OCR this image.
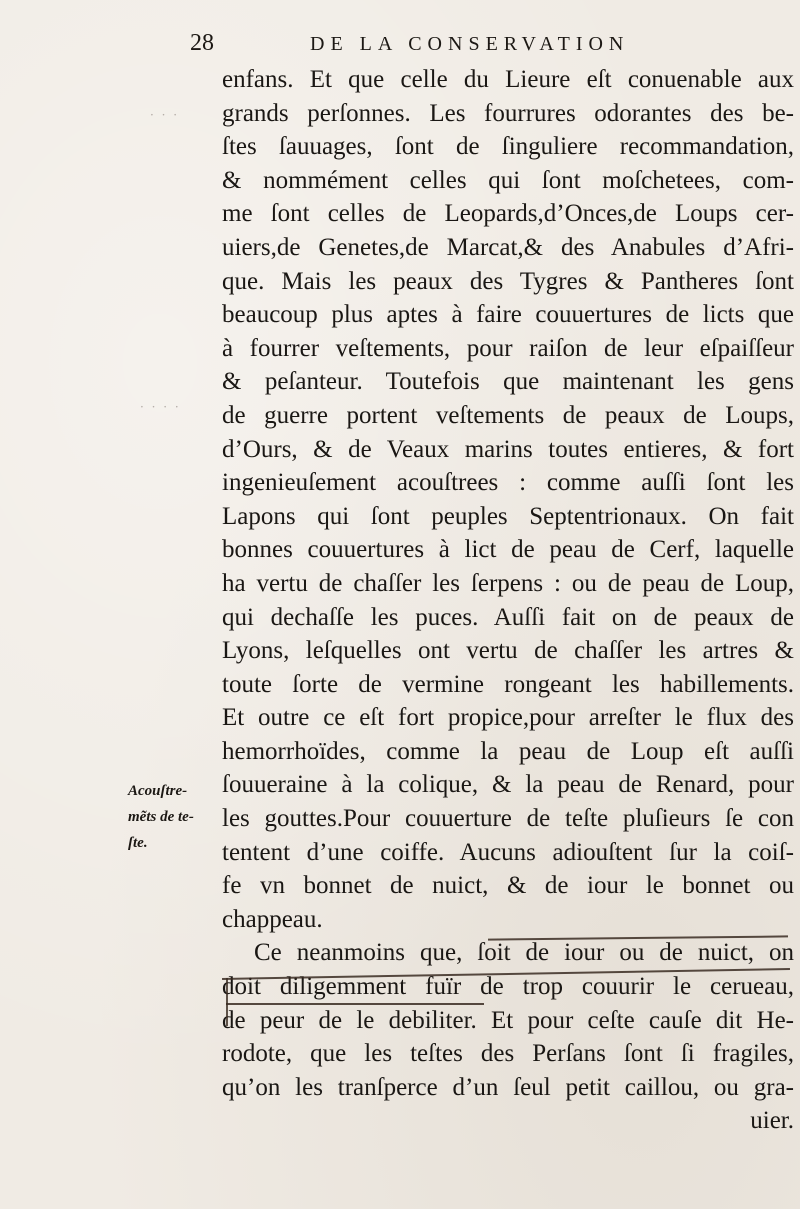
28	DE LA CONSERVATION
· · ·
· · · ·
enfans. Et que celle du Lieure eſt conuenable aux
grands perſonnes. Les fourrures odorantes des be-
ſtes ſauuages, ſont de ſinguliere recommandation,
& nommément celles qui ſont moſchetees, com-
me ſont celles de Leopards,d’Onces,de Loups cer-
uiers,de Genetes,de Marcat,& des Anabules d’Afri-
que. Mais les peaux des Tygres & Pantheres ſont
beaucoup plus aptes à faire couuertures de licts que
à fourrer veſtements, pour raiſon de leur eſpaiſſeur
& peſanteur. Toutefois que maintenant les gens
de guerre portent veſtements de peaux de Loups,
d’Ours, & de Veaux marins toutes entieres, & fort
ingenieuſement acouſtrees : comme auſſi ſont les
Lapons qui ſont peuples Septentrionaux. On fait
bonnes couuertures à lict de peau de Cerf, laquelle
ha vertu de chaſſer les ſerpens : ou de peau de Loup,
qui dechaſſe les puces. Auſſi fait on de peaux de
Lyons, leſquelles ont vertu de chaſſer les artres &
toute ſorte de vermine rongeant les habillements.
Et outre ce eſt fort propice,pour arreſter le flux des
hemorrhoïdes, comme la peau de Loup eſt auſſi
ſouueraine à la colique, & la peau de Renard, pour
les gouttes.Pour couuerture de teſte pluſieurs ſe con
tentent d’une coiffe. Aucuns adiouſtent ſur la coiſ-
fe vn bonnet de nuict, & de iour le bonnet ou
chappeau.
Ce neanmoins que, ſoit de iour ou de nuict, on
doit diligemment fuïr de trop couurir le cerueau,
de peur de le debiliter. Et pour ceſte cauſe dit He-
rodote, que les teſtes des Perſans ſont ſi fragiles,
qu’on les tranſperce d’un ſeul petit caillou, ou gra-
uier.
Acouſtre-
mẽts de te-
ſte.
